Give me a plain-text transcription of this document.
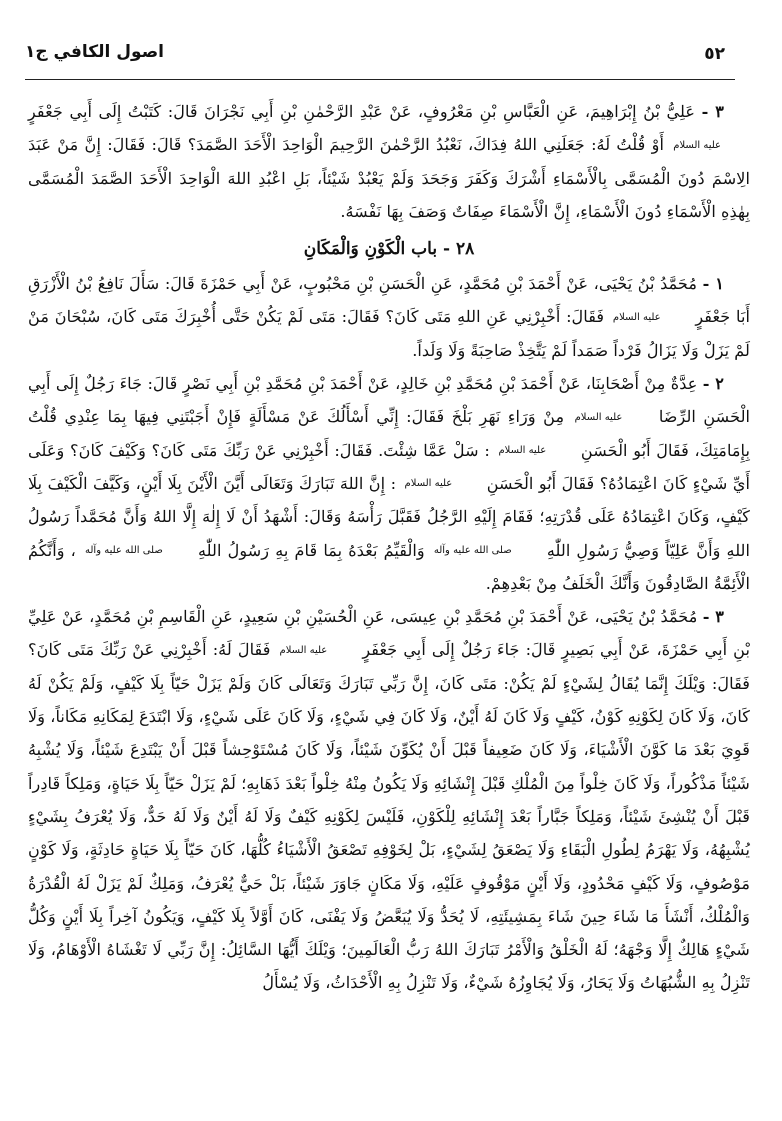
٥٢
اصول الكافي ج١

٣ - عَلِيُّ بْنُ إِبْرَاهِيمَ، عَنِ الْعَبَّاسِ بْنِ مَعْرُوفٍ، عَنْ عَبْدِ الرَّحْمٰنِ بْنِ أَبِي نَجْرَانَ قَالَ: كَتَبْتُ إِلَى أَبِي جَعْفَرٍ عليه السلام أَوْ قُلْتُ لَهُ: جَعَلَنِي اللهُ فِدَاكَ، نَعْبُدُ الرَّحْمٰنَ الرَّحِيمَ الْوَاحِدَ الْأَحَدَ الصَّمَدَ؟ قَالَ: فَقَالَ: إِنَّ مَنْ عَبَدَ الِاسْمَ دُونَ الْمُسَمَّى بِالْأَسْمَاءِ أَشْرَكَ وَكَفَرَ وَجَحَدَ وَلَمْ يَعْبُدْ شَيْئاً، بَلِ اعْبُدِ اللهَ الْوَاحِدَ الْأَحَدَ الصَّمَدَ الْمُسَمَّى بِهٰذِهِ الْأَسْمَاءِ دُونَ الْأَسْمَاءِ، إِنَّ الْأَسْمَاءَ صِفَاتٌ وَصَفَ بِهَا نَفْسَهُ.

٢٨ - باب الْكَوْنِ وَالْمَكَانِ

١ - مُحَمَّدُ بْنُ يَحْيَى، عَنْ أَحْمَدَ بْنِ مُحَمَّدٍ، عَنِ الْحَسَنِ بْنِ مَحْبُوبٍ، عَنْ أَبِي حَمْزَةَ قَالَ: سَأَلَ نَافِعُ بْنُ الْأَزْرَقِ أَبَا جَعْفَرٍ عليه السلام فَقَالَ: أَخْبِرْنِي عَنِ اللهِ مَتَى كَانَ؟ فَقَالَ: مَتَى لَمْ يَكُنْ حَتَّى أُخْبِرَكَ مَتَى كَانَ، سُبْحَانَ مَنْ لَمْ يَزَلْ وَلَا يَزَالُ فَرْداً صَمَداً لَمْ يَتَّخِذْ صَاحِبَةً وَلَا وَلَداً.

٢ - عِدَّةٌ مِنْ أَصْحَابِنَا، عَنْ أَحْمَدَ بْنِ مُحَمَّدِ بْنِ خَالِدٍ، عَنْ أَحْمَدَ بْنِ مُحَمَّدِ بْنِ أَبِي نَصْرٍ قَالَ: جَاءَ رَجُلٌ إِلَى أَبِي الْحَسَنِ الرِّضَا عليه السلام مِنْ وَرَاءِ نَهَرِ بَلْخَ فَقَالَ: إِنِّي أَسْأَلُكَ عَنْ مَسْأَلَةٍ فَإِنْ أَجَبْتَنِي فِيهَا بِمَا عِنْدِي قُلْتُ بِإِمَامَتِكَ، فَقَالَ أَبُو الْحَسَنِ عليه السلام : سَلْ عَمَّا شِئْتَ. فَقَالَ: أَخْبِرْنِي عَنْ رَبِّكَ مَتَى كَانَ؟ وَكَيْفَ كَانَ؟ وَعَلَى أَيِّ شَيْءٍ كَانَ اعْتِمَادُهُ؟ فَقَالَ أَبُو الْحَسَنِ عليه السلام : إِنَّ اللهَ تَبَارَكَ وَتَعَالَى أَيَّنَ الْأَيْنَ بِلَا أَيْنٍ، وَكَيَّفَ الْكَيْفَ بِلَا كَيْفٍ، وَكَانَ اعْتِمَادُهُ عَلَى قُدْرَتِهِ؛ فَقَامَ إِلَيْهِ الرَّجُلُ فَقَبَّلَ رَأْسَهُ وَقَالَ: أَشْهَدُ أَنْ لَا إِلٰهَ إِلَّا اللهُ وَأَنَّ مُحَمَّداً رَسُولُ اللهِ وَأَنَّ عَلِيّاً وَصِيُّ رَسُولِ اللّٰهِ صلى الله عليه وآله وَالْقَيِّمُ بَعْدَهُ بِمَا قَامَ بِهِ رَسُولُ اللّٰهِ صلى الله عليه وآله ، وَأَنَّكُمُ الْأَئِمَّةُ الصَّادِقُونَ وَأَنَّكَ الْخَلَفُ مِنْ بَعْدِهِمْ.

٣ - مُحَمَّدُ بْنُ يَحْيَى، عَنْ أَحْمَدَ بْنِ مُحَمَّدِ بْنِ عِيسَى، عَنِ الْحُسَيْنِ بْنِ سَعِيدٍ، عَنِ الْقَاسِمِ بْنِ مُحَمَّدٍ، عَنْ عَلِيِّ بْنِ أَبِي حَمْزَةَ، عَنْ أَبِي بَصِيرٍ قَالَ: جَاءَ رَجُلٌ إِلَى أَبِي جَعْفَرٍ عليه السلام فَقَالَ لَهُ: أَخْبِرْنِي عَنْ رَبِّكَ مَتَى كَانَ؟ فَقَالَ: وَيْلَكَ إِنَّمَا يُقَالُ لِشَيْءٍ لَمْ يَكُنْ: مَتَى كَانَ، إِنَّ رَبِّي تَبَارَكَ وَتَعَالَى كَانَ وَلَمْ يَزَلْ حَيّاً بِلَا كَيْفٍ، وَلَمْ يَكُنْ لَهُ كَانَ، وَلَا كَانَ لِكَوْنِهِ كَوْنُ، كَيْفٍ وَلَا كَانَ لَهُ أَيْنٌ، وَلَا كَانَ فِي شَيْءٍ، وَلَا كَانَ عَلَى شَيْءٍ، وَلَا ابْتَدَعَ لِمَكَانِهِ مَكَاناً، وَلَا قَوِيَ بَعْدَ مَا كَوَّنَ الْأَشْيَاءَ، وَلَا كَانَ ضَعِيفاً قَبْلَ أَنْ يُكَوِّنَ شَيْئاً، وَلَا كَانَ مُسْتَوْحِشاً قَبْلَ أَنْ يَبْتَدِعَ شَيْئاً، وَلَا يُشْبِهُ شَيْئاً مَذْكُوراً، وَلَا كَانَ خِلْواً مِنَ الْمُلْكِ قَبْلَ إِنْشَائِهِ وَلَا يَكُونُ مِنْهُ خِلْواً بَعْدَ ذَهَابِهِ؛ لَمْ يَزَلْ حَيّاً بِلَا حَيَاةٍ، وَمَلِكاً قَادِراً قَبْلَ أَنْ يُنْشِئَ شَيْئاً، وَمَلِكاً جَبَّاراً بَعْدَ إِنْشَائِهِ لِلْكَوْنِ، فَلَيْسَ لِكَوْنِهِ كَيْفٌ وَلَا لَهُ أَيْنٌ وَلَا لَهُ حَدٌّ، وَلَا يُعْرَفُ بِشَيْءٍ يُشْبِهُهُ، وَلَا يَهْرَمُ لِطُولِ الْبَقَاءِ وَلَا يَصْعَقُ لِشَيْءٍ، بَلْ لِخَوْفِهِ تَصْعَقُ الْأَشْيَاءُ كُلُّهَا، كَانَ حَيّاً بِلَا حَيَاةٍ حَادِثَةٍ، وَلَا كَوْنٍ مَوْصُوفٍ، وَلَا كَيْفٍ مَحْدُودٍ، وَلَا أَيْنٍ مَوْقُوفٍ عَلَيْهِ، وَلَا مَكَانٍ جَاوَرَ شَيْئاً، بَلْ حَيٌّ يُعْرَفُ، وَمَلِكٌ لَمْ يَزَلْ لَهُ الْقُدْرَةُ وَالْمُلْكُ، أَنْشَأَ مَا شَاءَ حِينَ شَاءَ بِمَشِيئَتِهِ، لَا يُحَدُّ وَلَا يُبَعَّضُ وَلَا يَفْنَى، كَانَ أَوَّلاً بِلَا كَيْفٍ، وَيَكُونُ آخِراً بِلَا أَيْنٍ وَكُلُّ شَيْءٍ هَالِكٌ إِلَّا وَجْهَهُ؛ لَهُ الْخَلْقُ وَالْأَمْرُ تَبَارَكَ اللهُ رَبُّ الْعَالَمِينَ؛ وَيْلَكَ أَيُّهَا السَّائِلُ: إِنَّ رَبِّي لَا تَغْشَاهُ الْأَوْهَامُ، وَلَا تَنْزِلُ بِهِ الشُّبُهَاتُ وَلَا يَحَارُ، وَلَا يُجَاوِزُهُ شَيْءٌ، وَلَا تَنْزِلُ بِهِ الْأَحْدَاثُ، وَلَا يُسْأَلُ
